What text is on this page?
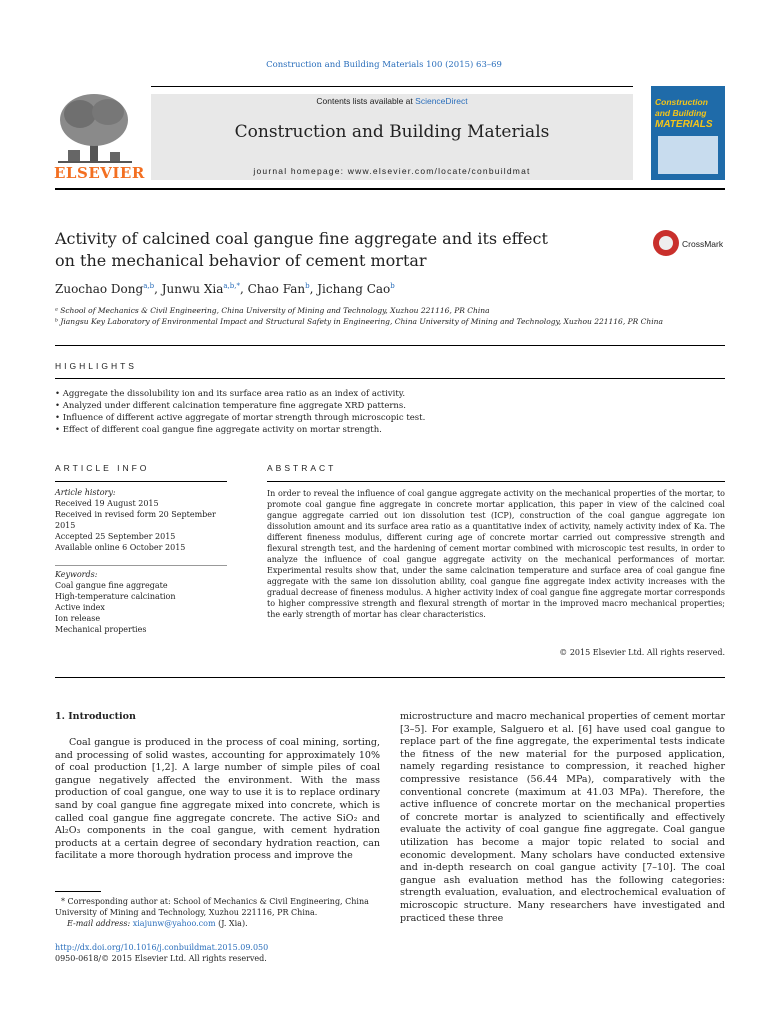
Construction and Building Materials 100 (2015) 63–69
ELSEVIER
Contents lists available at ScienceDirect
Construction and Building Materials
journal homepage: www.elsevier.com/locate/conbuildmat
Construction
and Building
MATERIALS
Activity of calcined coal gangue fine aggregate and its effect
on the mechanical behavior of cement mortar
CrossMark
Zuochao Dong$^{a,b}$, Junwu Xia$^{a,b,*}$, Chao Fan$^b$, Jichang Cao$^b$
ᵃ School of Mechanics & Civil Engineering, China University of Mining and Technology, Xuzhou 221116, PR China
ᵇ Jiangsu Key Laboratory of Environmental Impact and Structural Safety in Engineering, China University of Mining and Technology, Xuzhou 221116, PR China
HIGHLIGHTS
• Aggregate the dissolubility ion and its surface area ratio as an index of activity.
• Analyzed under different calcination temperature fine aggregate XRD patterns.
• Influence of different active aggregate of mortar strength through microscopic test.
• Effect of different coal gangue fine aggregate activity on mortar strength.
ARTICLE INFO	ABSTRACT
Article history:
Received 19 August 2015
Received in revised form 20 September 2015
Accepted 25 September 2015
Available online 6 October 2015
Keywords:
Coal gangue fine aggregate
High-temperature calcination
Active index
Ion release
Mechanical properties
In order to reveal the influence of coal gangue aggregate activity on the mechanical properties of the mortar, to promote coal gangue fine aggregate in concrete mortar application, this paper in view of the calcined coal gangue aggregate carried out ion dissolution test (ICP), construction of the coal gangue aggregate ion dissolution amount and its surface area ratio as a quantitative index of activity, namely activity index of Ka. The different fineness modulus, different curing age of concrete mortar carried out compressive strength and flexural strength test, and the hardening of cement mortar combined with microscopic test results, in order to analyze the influence of coal gangue aggregate activity on the mechanical performances of mortar. Experimental results show that, under the same calcination temperature and surface area of coal gangue fine aggregate with the same ion dissolution ability, coal gangue fine aggregate index activity increases with the gradual decrease of fineness modulus. A higher activity index of coal gangue fine aggregate mortar corresponds to higher compressive strength and flexural strength of mortar in the improved macro mechanical properties; the early strength of mortar has clear characteristics.
© 2015 Elsevier Ltd. All rights reserved.
1. Introduction

Coal gangue is produced in the process of coal mining, sorting, and processing of solid wastes, accounting for approximately 10% of coal production [1,2]. A large number of simple piles of coal gangue negatively affected the environment. With the mass production of coal gangue, one way to use it is to replace ordinary sand by coal gangue fine aggregate mixed into concrete, which is called coal gangue fine aggregate concrete. The active SiO₂ and Al₂O₃ components in the coal gangue, with cement hydration products at a certain degree of secondary hydration reaction, can facilitate a more thorough hydration process and improve the

microstructure and macro mechanical properties of cement mortar [3–5]. For example, Salguero et al. [6] have used coal gangue to replace part of the fine aggregate, the experimental tests indicate the fitness of the new material for the purposed application, namely regarding resistance to compression, it reached higher compressive resistance (56.44 MPa), comparatively with the conventional concrete (maximum at 41.03 MPa). Therefore, the active influence of concrete mortar on the mechanical properties of concrete mortar is analyzed to scientifically and effectively evaluate the activity of coal gangue fine aggregate. Coal gangue utilization has become a major topic related to social and economic development. Many scholars have conducted extensive and in-depth research on coal gangue activity [7–10]. The coal gangue ash evaluation method has the following categories: strength evaluation, evaluation, and electrochemical evaluation of microscopic structure. Many researchers have investigated and practiced these three

* Corresponding author at: School of Mechanics & Civil Engineering, China University of Mining and Technology, Xuzhou 221116, PR China.
E-mail address: xiajunw@yahoo.com (J. Xia).
http://dx.doi.org/10.1016/j.conbuildmat.2015.09.050
0950-0618/© 2015 Elsevier Ltd. All rights reserved.
